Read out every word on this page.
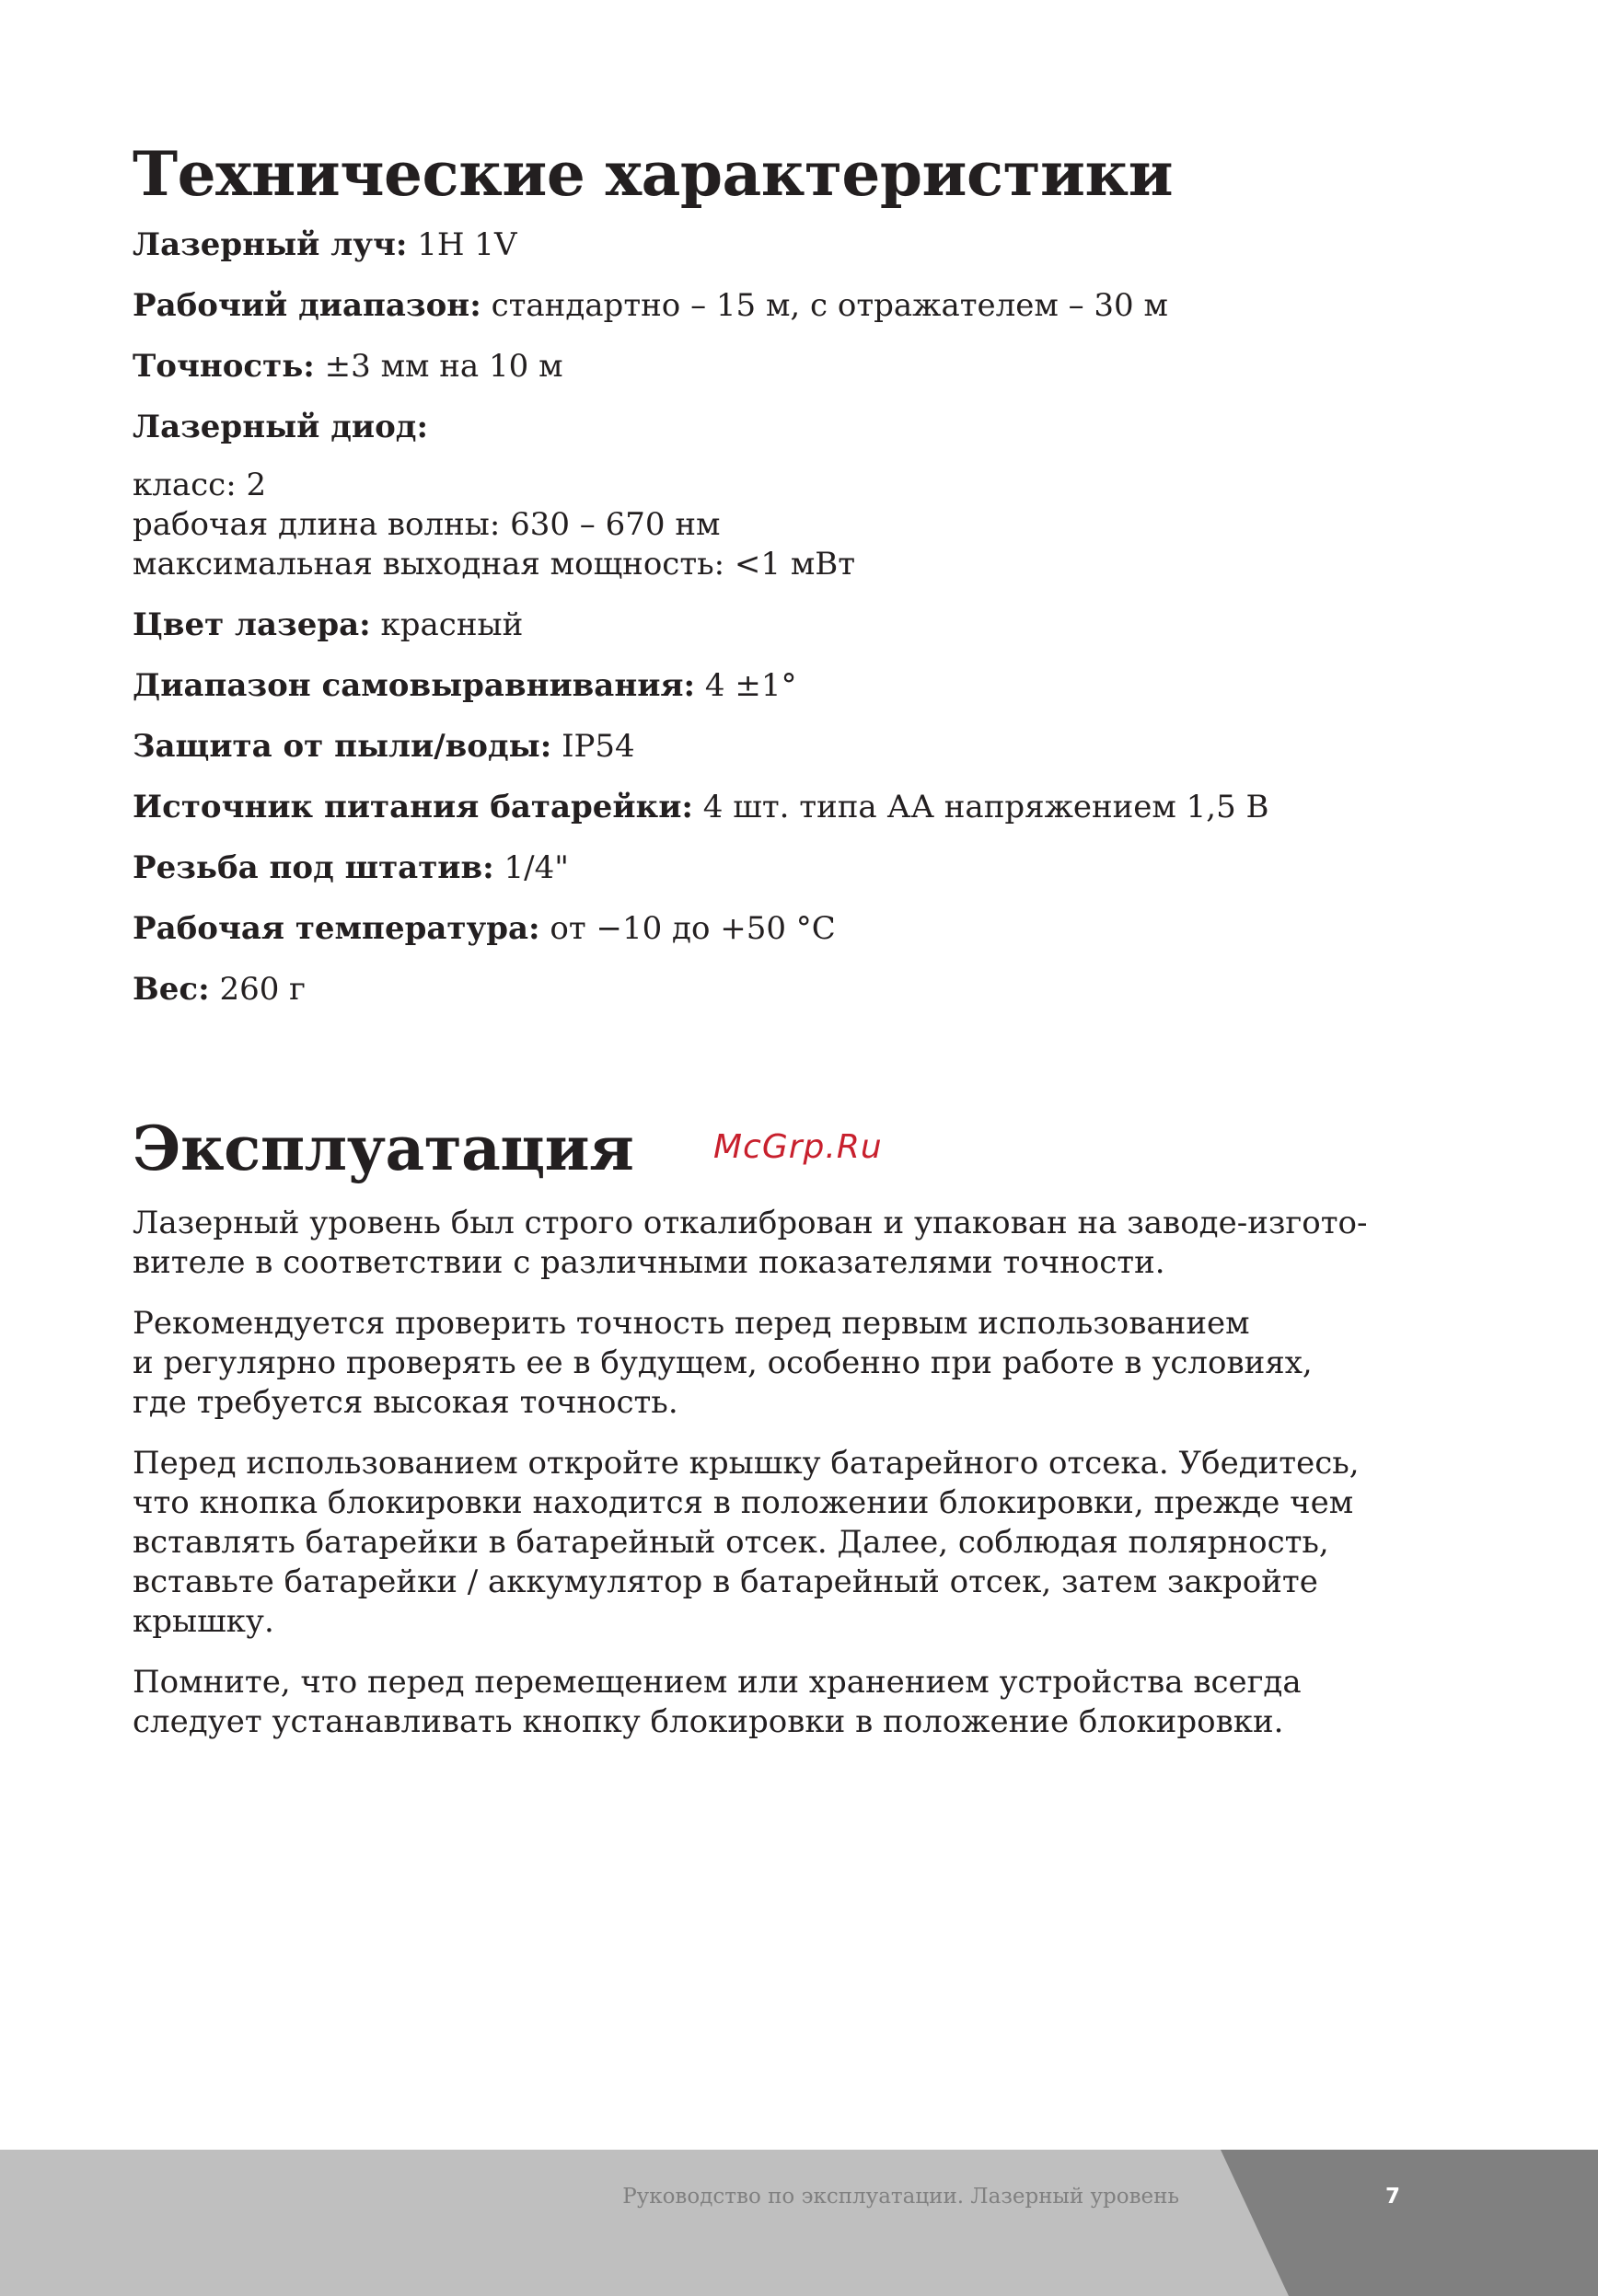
Технические характеристики

Лазерный луч: 1H 1V

Рабочий диапазон: стандартно – 15 м, с отражателем – 30 м

Точность: ±3 мм на 10 м

Лазерный диод:

класс: 2
рабочая длина волны: 630 – 670 нм
максимальная выходная мощность: <1 мВт

Цвет лазера: красный

Диапазон самовыравнивания: 4 ±1°

Защита от пыли/воды: IP54

Источник питания батарейки: 4 шт. типа АА напряжением 1,5 В

Резьба под штатив: 1/4"

Рабочая температура: от −10 до +50 °C

Вес: 260 г

Эксплуатация

Лазерный уровень был строго откалиброван и упакован на заводе-изгото-
вителе в соответствии с различными показателями точности.

Рекомендуется проверить точность перед первым использованием
и регулярно проверять ее в будущем, особенно при работе в условиях,
где требуется высокая точность.

Перед использованием откройте крышку батарейного отсека. Убедитесь,
что кнопка блокировки находится в положении блокировки, прежде чем
вставлять батарейки в батарейный отсек. Далее, соблюдая полярность,
вставьте батарейки / аккумулятор в батарейный отсек, затем закройте
крышку.

Помните, что перед перемещением или хранением устройства всегда
следует устанавливать кнопку блокировки в положение блокировки.

McGrp.Ru
Руководство по эксплуатации. Лазерный уровень	7
